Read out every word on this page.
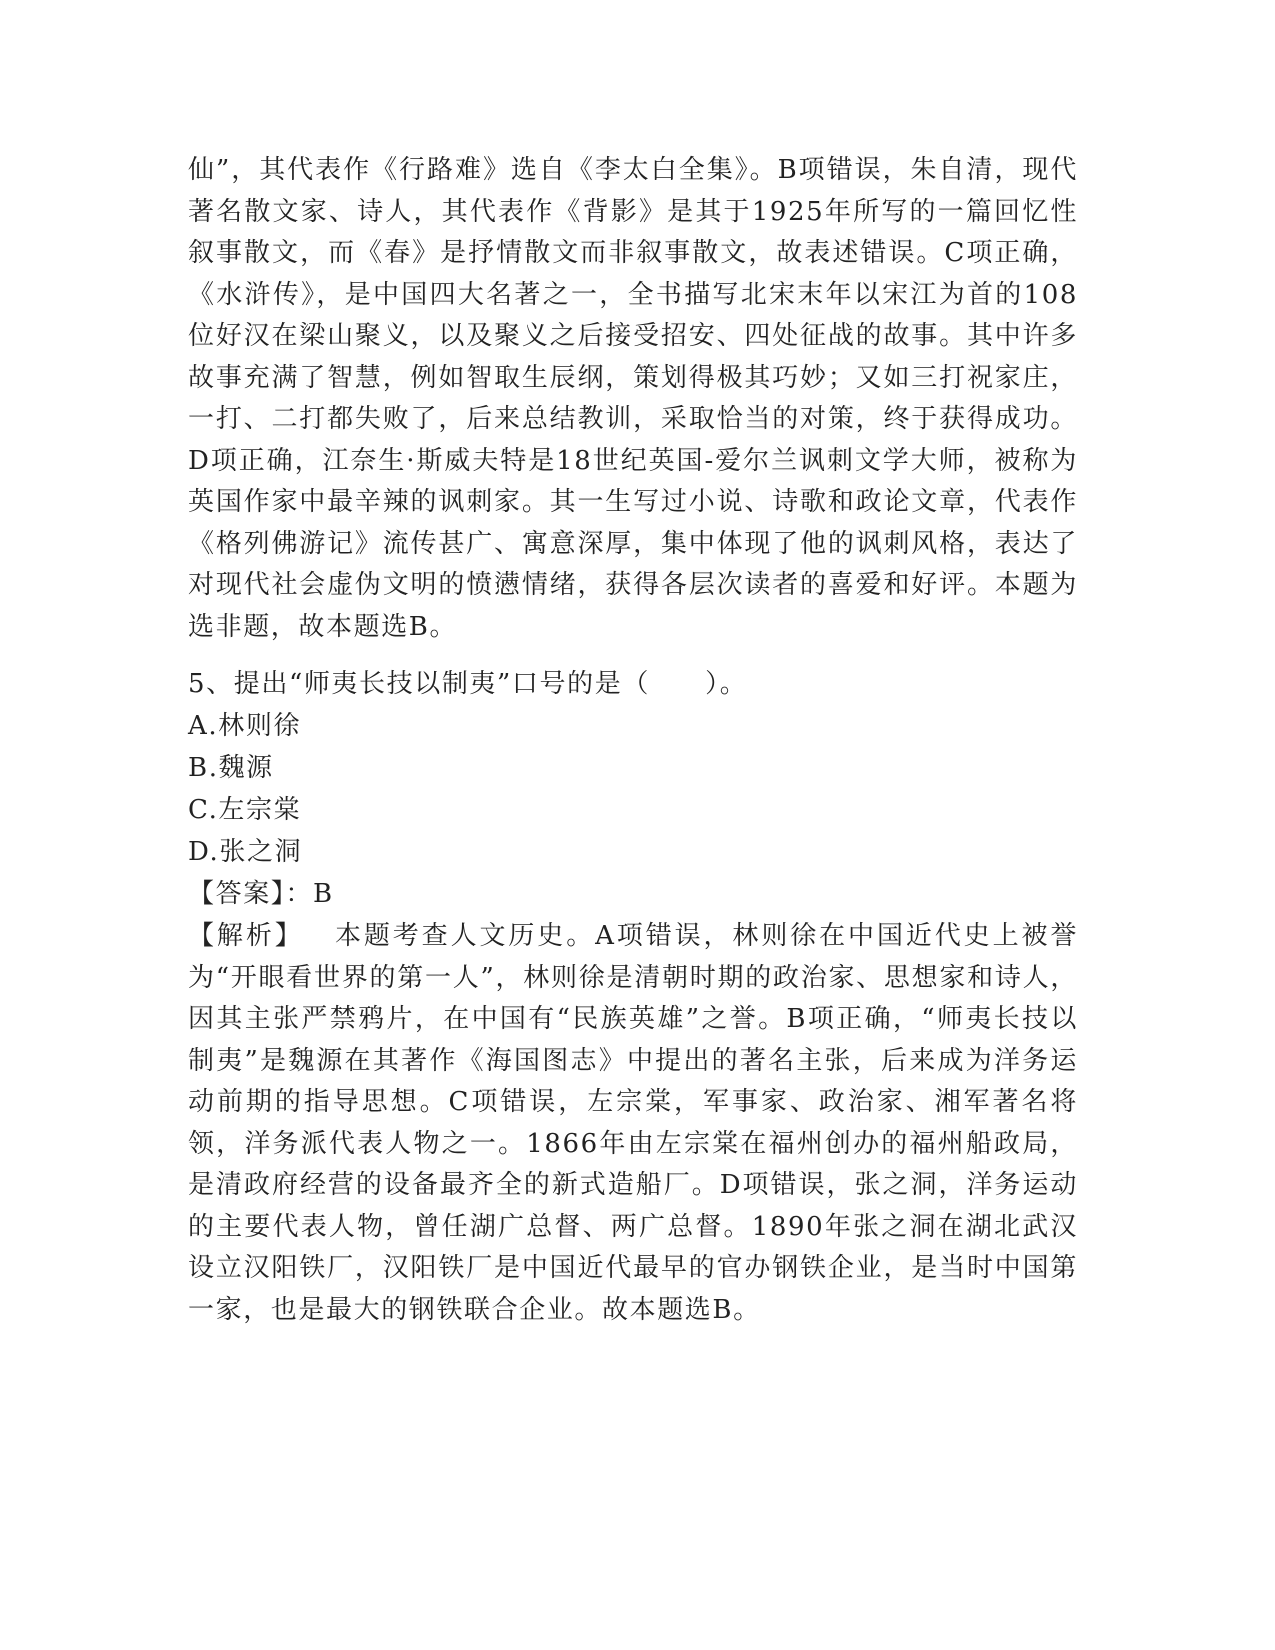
仙”，其代表作《行路难》选自《李太白全集》。B项错误，朱自清，现代著名散文家、诗人，其代表作《背影》是其于1925年所写的一篇回忆性叙事散文，而《春》是抒情散文而非叙事散文，故表述错误。C项正确，《水浒传》，是中国四大名著之一，全书描写北宋末年以宋江为首的108位好汉在梁山聚义，以及聚义之后接受招安、四处征战的故事。其中许多故事充满了智慧，例如智取生辰纲，策划得极其巧妙；又如三打祝家庄，一打、二打都失败了，后来总结教训，采取恰当的对策，终于获得成功。D项正确，江奈生·斯威夫特是18世纪英国-爱尔兰讽刺文学大师，被称为英国作家中最辛辣的讽刺家。其一生写过小说、诗歌和政论文章，代表作《格列佛游记》流传甚广、寓意深厚，集中体现了他的讽刺风格，表达了对现代社会虚伪文明的愤懑情绪，获得各层次读者的喜爱和好评。本题为选非题，故本题选B。
5、提出“师夷长技以制夷”口号的是（　　）。
A.林则徐
B.魏源
C.左宗棠
D.张之洞
【答案】：B
【解析】 本题考查人文历史。A项错误，林则徐在中国近代史上被誉为“开眼看世界的第一人”，林则徐是清朝时期的政治家、思想家和诗人，因其主张严禁鸦片，在中国有“民族英雄”之誉。B项正确，“师夷长技以制夷”是魏源在其著作《海国图志》中提出的著名主张，后来成为洋务运动前期的指导思想。C项错误，左宗棠，军事家、政治家、湘军著名将领，洋务派代表人物之一。1866年由左宗棠在福州创办的福州船政局，是清政府经营的设备最齐全的新式造船厂。D项错误，张之洞，洋务运动的主要代表人物，曾任湖广总督、两广总督。1890年张之洞在湖北武汉设立汉阳铁厂，汉阳铁厂是中国近代最早的官办钢铁企业，是当时中国第一家，也是最大的钢铁联合企业。故本题选B。
